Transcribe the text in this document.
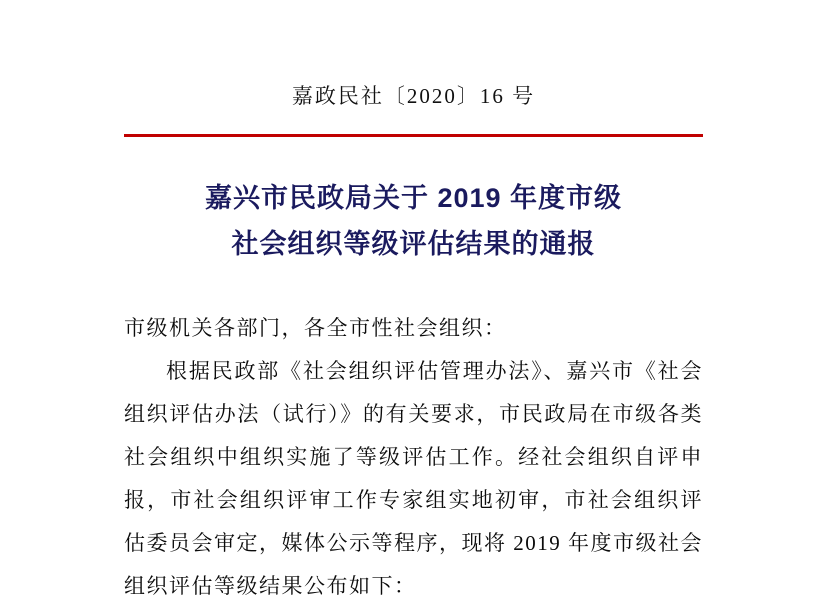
嘉政民社〔2020〕16 号
嘉兴市民政局关于 2019 年度市级
社会组织等级评估结果的通报
市级机关各部门，各全市性社会组织：
根据民政部《社会组织评估管理办法》、嘉兴市《社会组织评估办法（试行）》的有关要求，市民政局在市级各类社会组织中组织实施了等级评估工作。经社会组织自评申报，市社会组织评审工作专家组实地初审，市社会组织评估委员会审定，媒体公示等程序，现将 2019 年度市级社会组织评估等级结果公布如下：
